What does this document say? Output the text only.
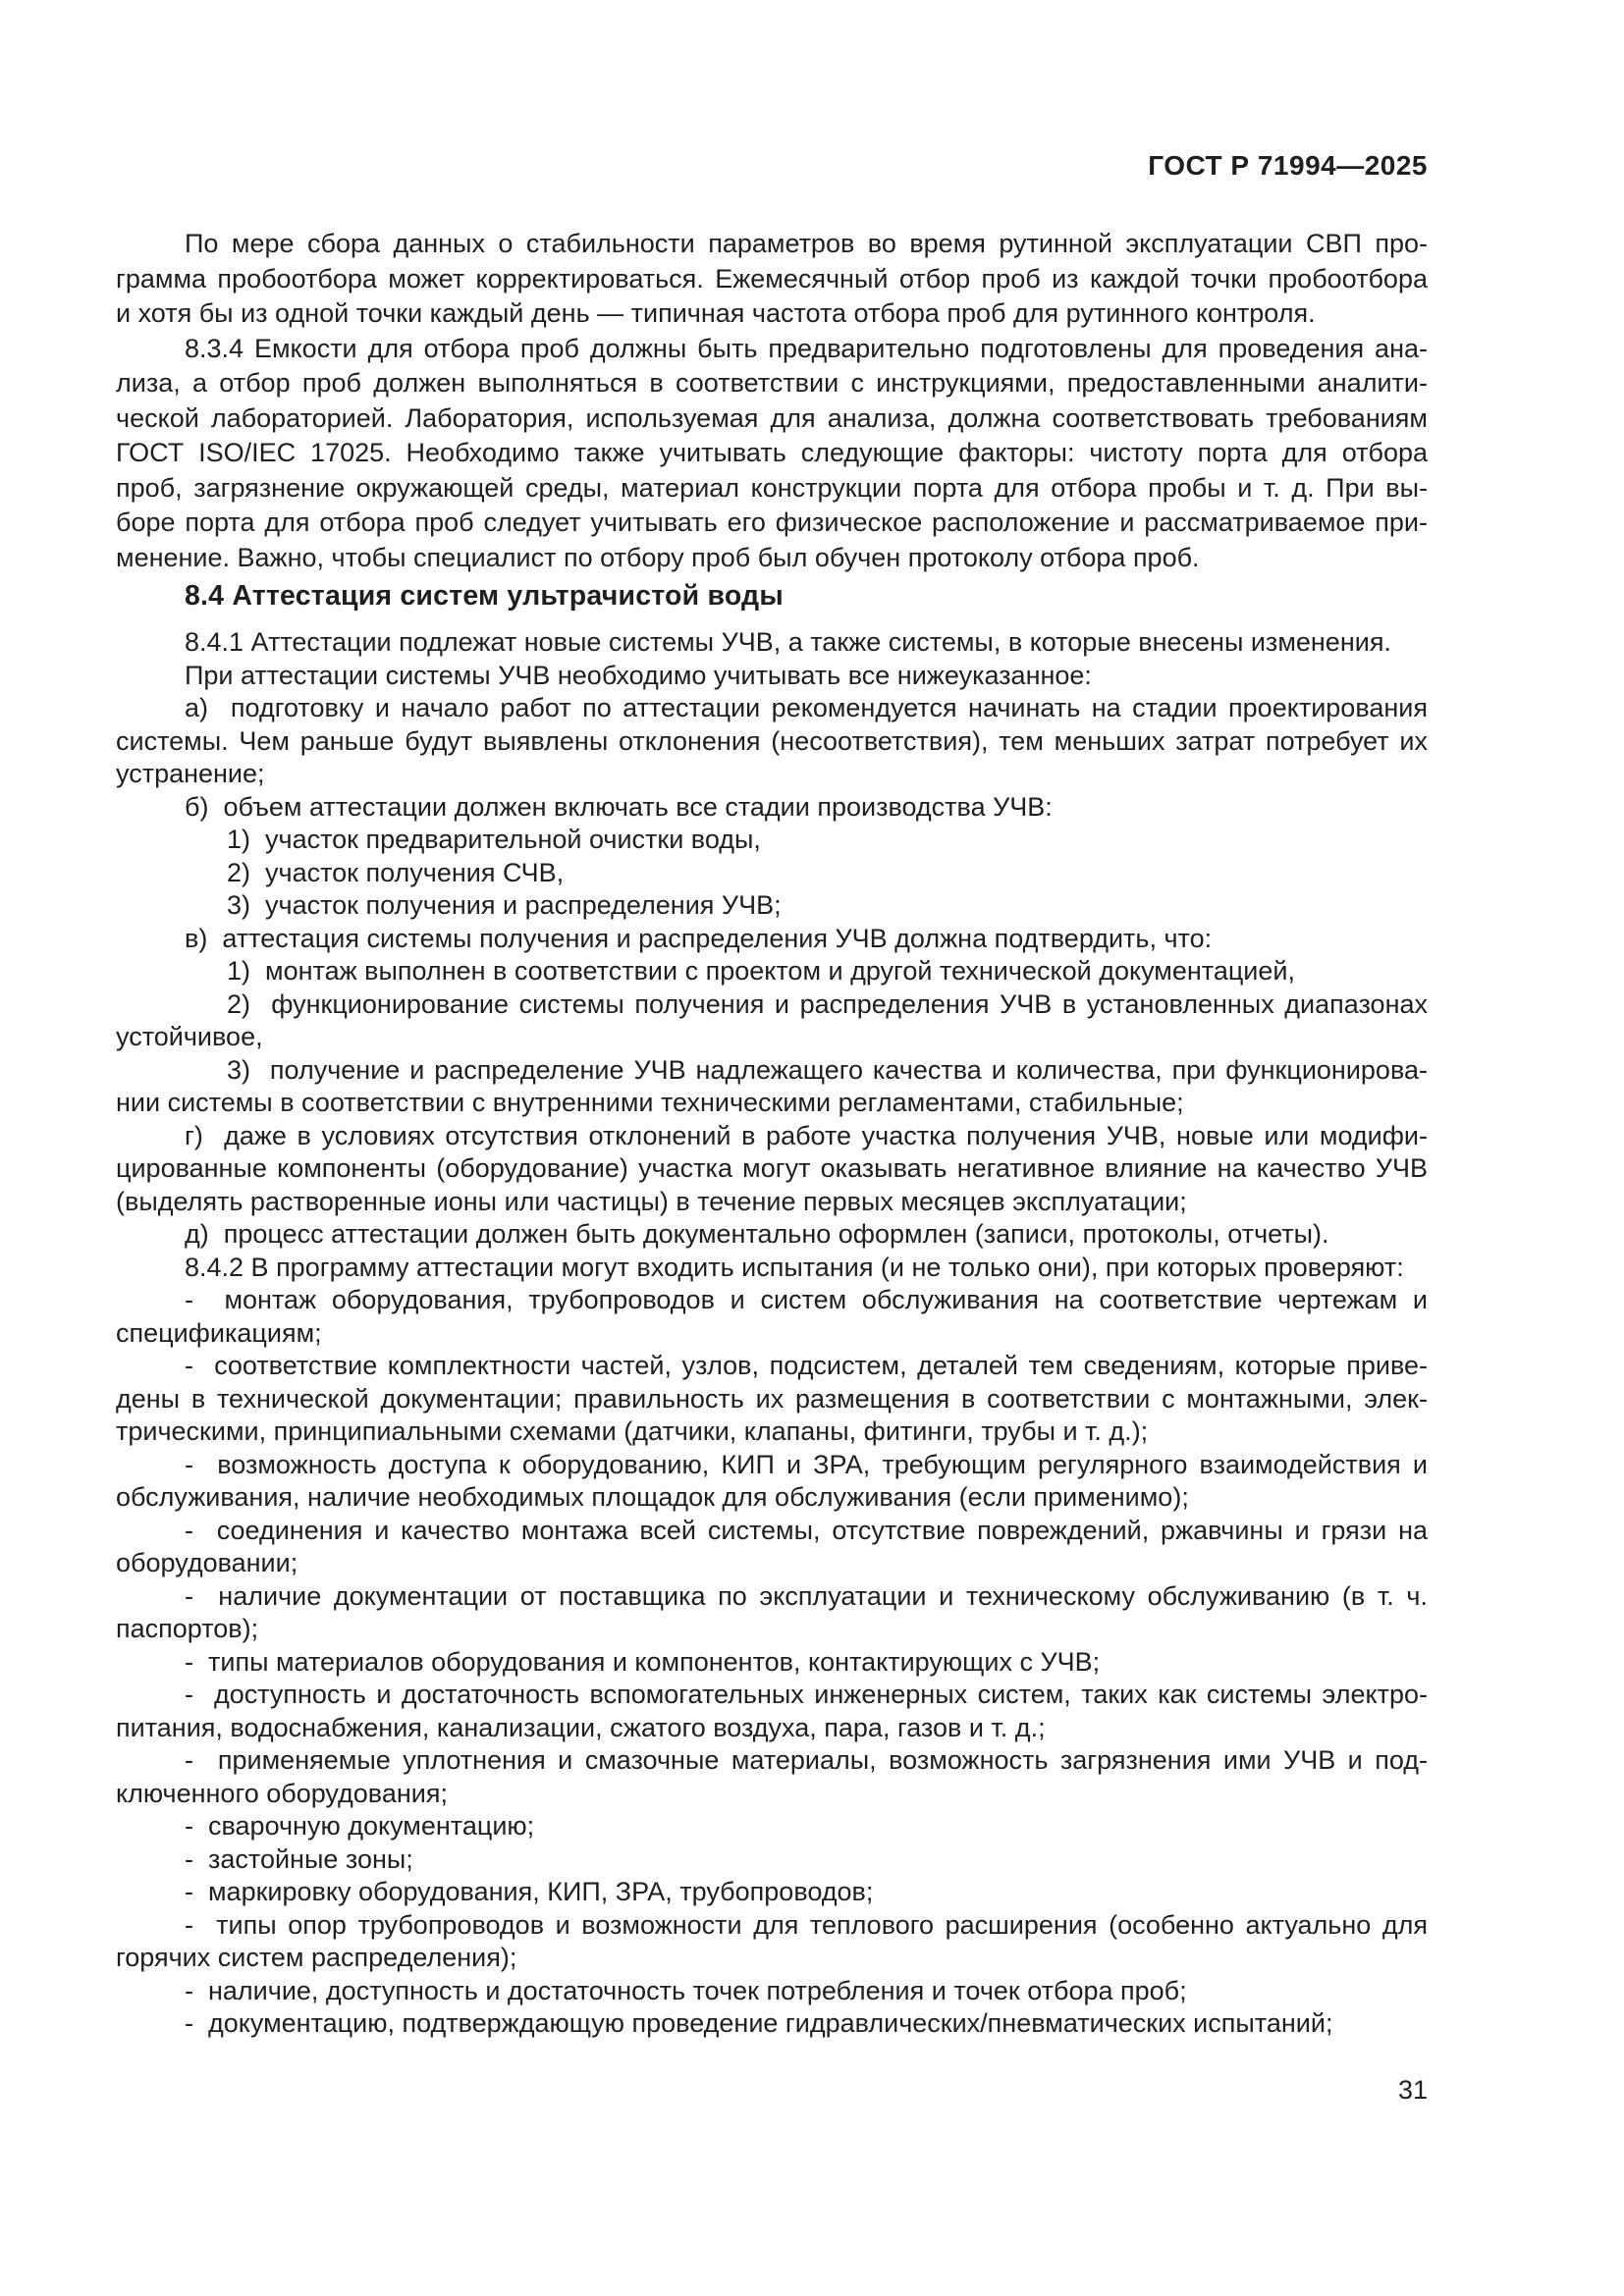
ГОСТ Р 71994—2025
По мере сбора данных о стабильности параметров во время рутинной эксплуатации СВП про-
грамма пробоотбора может корректироваться. Ежемесячный отбор проб из каждой точки пробоотбора
и хотя бы из одной точки каждый день — типичная частота отбора проб для рутинного контроля.
8.3.4 Емкости для отбора проб должны быть предварительно подготовлены для проведения ана-
лиза, а отбор проб должен выполняться в соответствии с инструкциями, предоставленными аналити-
ческой лабораторией. Лаборатория, используемая для анализа, должна соответствовать требованиям
ГОСТ ISO/IEC 17025. Необходимо также учитывать следующие факторы: чистоту порта для отбора
проб, загрязнение окружающей среды, материал конструкции порта для отбора пробы и т. д. При вы-
боре порта для отбора проб следует учитывать его физическое расположение и рассматриваемое при-
менение. Важно, чтобы специалист по отбору проб был обучен протоколу отбора проб.
8.4 Аттестация систем ультрачистой воды
8.4.1 Аттестации подлежат новые системы УЧВ, а также системы, в которые внесены изменения.
При аттестации системы УЧВ необходимо учитывать все нижеуказанное:
а)  подготовку и начало работ по аттестации рекомендуется начинать на стадии проектирования
системы. Чем раньше будут выявлены отклонения (несоответствия), тем меньших затрат потребует их
устранение;
б)  объем аттестации должен включать все стадии производства УЧВ:
1)  участок предварительной очистки воды,
2)  участок получения СЧВ,
3)  участок получения и распределения УЧВ;
в)  аттестация системы получения и распределения УЧВ должна подтвердить, что:
1)  монтаж выполнен в соответствии с проектом и другой технической документацией,
2)  функционирование системы получения и распределения УЧВ в установленных диапазонах
устойчивое,
3)  получение и распределение УЧВ надлежащего качества и количества, при функционирова-
нии системы в соответствии с внутренними техническими регламентами, стабильные;
г)  даже в условиях отсутствия отклонений в работе участка получения УЧВ, новые или модифи-
цированные компоненты (оборудование) участка могут оказывать негативное влияние на качество УЧВ
(выделять растворенные ионы или частицы) в течение первых месяцев эксплуатации;
д)  процесс аттестации должен быть документально оформлен (записи, протоколы, отчеты).
8.4.2 В программу аттестации могут входить испытания (и не только они), при которых проверяют:
-  монтаж оборудования, трубопроводов и систем обслуживания на соответствие чертежам и
спецификациям;
-  соответствие комплектности частей, узлов, подсистем, деталей тем сведениям, которые приве-
дены в технической документации; правильность их размещения в соответствии с монтажными, элек-
трическими, принципиальными схемами (датчики, клапаны, фитинги, трубы и т. д.);
-  возможность доступа к оборудованию, КИП и ЗРА, требующим регулярного взаимодействия и
обслуживания, наличие необходимых площадок для обслуживания (если применимо);
-  соединения и качество монтажа всей системы, отсутствие повреждений, ржавчины и грязи на
оборудовании;
-  наличие документации от поставщика по эксплуатации и техническому обслуживанию (в т. ч.
паспортов);
-  типы материалов оборудования и компонентов, контактирующих с УЧВ;
-  доступность и достаточность вспомогательных инженерных систем, таких как системы электро-
питания, водоснабжения, канализации, сжатого воздуха, пара, газов и т. д.;
-  применяемые уплотнения и смазочные материалы, возможность загрязнения ими УЧВ и под-
ключенного оборудования;
-  сварочную документацию;
-  застойные зоны;
-  маркировку оборудования, КИП, ЗРА, трубопроводов;
-  типы опор трубопроводов и возможности для теплового расширения (особенно актуально для
горячих систем распределения);
-  наличие, доступность и достаточность точек потребления и точек отбора проб;
-  документацию, подтверждающую проведение гидравлических/пневматических испытаний;
31
